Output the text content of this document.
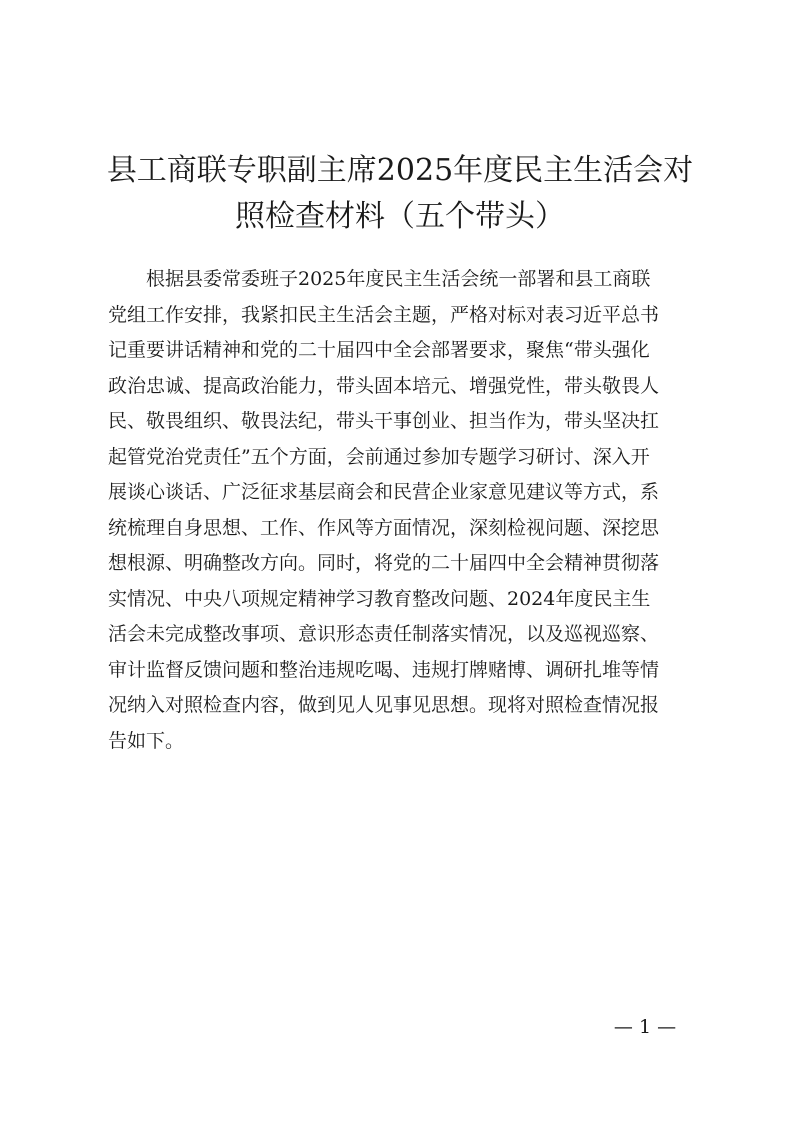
县工商联专职副主席2025年度民主生活会对
照检查材料（五个带头）
根据县委常委班子2025年度民主生活会统一部署和县工商联
党组工作安排，我紧扣民主生活会主题，严格对标对表习近平总书
记重要讲话精神和党的二十届四中全会部署要求，聚焦“带头强化
政治忠诚、提高政治能力，带头固本培元、增强党性，带头敬畏人
民、敬畏组织、敬畏法纪，带头干事创业、担当作为，带头坚决扛
起管党治党责任”五个方面，会前通过参加专题学习研讨、深入开
展谈心谈话、广泛征求基层商会和民营企业家意见建议等方式，系
统梳理自身思想、工作、作风等方面情况，深刻检视问题、深挖思
想根源、明确整改方向。同时，将党的二十届四中全会精神贯彻落
实情况、中央八项规定精神学习教育整改问题、2024年度民主生
活会未完成整改事项、意识形态责任制落实情况，以及巡视巡察、
审计监督反馈问题和整治违规吃喝、违规打牌赌博、调研扎堆等情
况纳入对照检查内容，做到见人见事见思想。现将对照检查情况报
告如下。
— 1 —
